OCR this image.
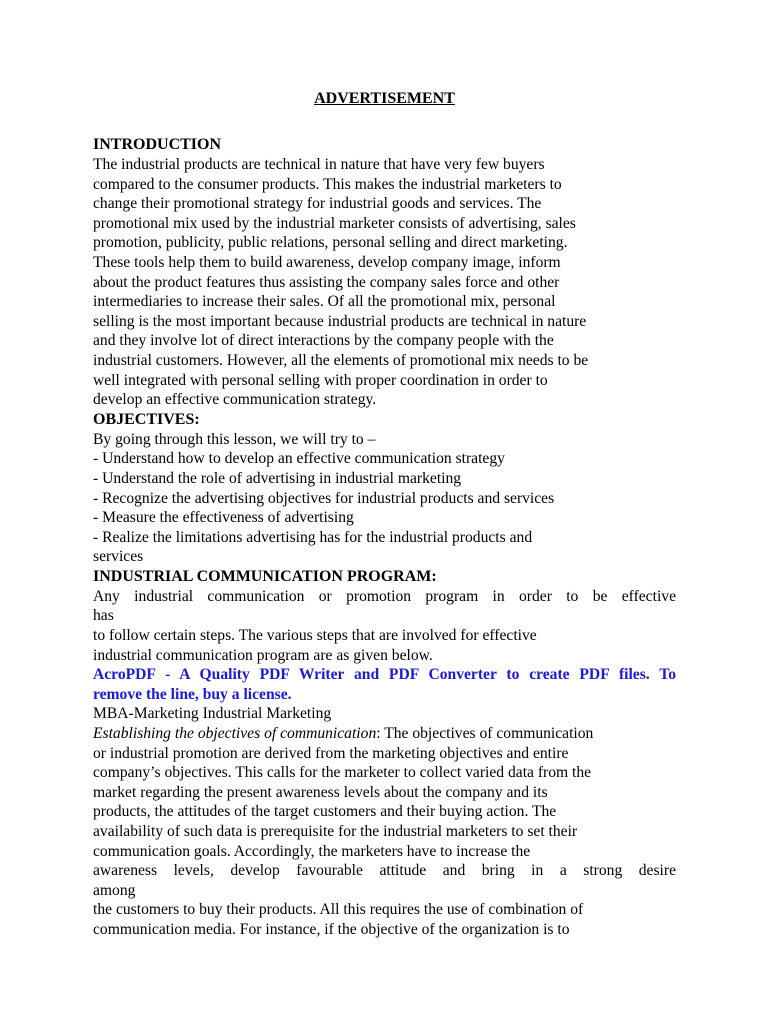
ADVERTISEMENT
INTRODUCTION
The industrial products are technical in nature that have very few buyers
compared to the consumer products. This makes the industrial marketers to
change their promotional strategy for industrial goods and services. The
promotional mix used by the industrial marketer consists of advertising, sales
promotion, publicity, public relations, personal selling and direct marketing.
These tools help them to build awareness, develop company image, inform
about the product features thus assisting the company sales force and other
intermediaries to increase their sales. Of all the promotional mix, personal
selling is the most important because industrial products are technical in nature
and they involve lot of direct interactions by the company people with the
industrial customers. However, all the elements of promotional mix needs to be
well integrated with personal selling with proper coordination in order to
develop an effective communication strategy.
OBJECTIVES:
By going through this lesson, we will try to –
- Understand how to develop an effective communication strategy
- Understand the role of advertising in industrial marketing
- Recognize the advertising objectives for industrial products and services
- Measure the effectiveness of advertising
- Realize the limitations advertising has for the industrial products and
services
INDUSTRIAL COMMUNICATION PROGRAM:
Any industrial communication or promotion program in order to be effective
has
to follow certain steps. The various steps that are involved for effective
industrial communication program are as given below.
AcroPDF - A Quality PDF Writer and PDF Converter to create PDF files. To
remove the line, buy a license.
MBA-Marketing Industrial Marketing
Establishing the objectives of communication: The objectives of communication
or industrial promotion are derived from the marketing objectives and entire
company’s objectives. This calls for the marketer to collect varied data from the
market regarding the present awareness levels about the company and its
products, the attitudes of the target customers and their buying action. The
availability of such data is prerequisite for the industrial marketers to set their
communication goals. Accordingly, the marketers have to increase the
awareness levels, develop favourable attitude and bring in a strong desire
among
the customers to buy their products. All this requires the use of combination of
communication media. For instance, if the objective of the organization is to
